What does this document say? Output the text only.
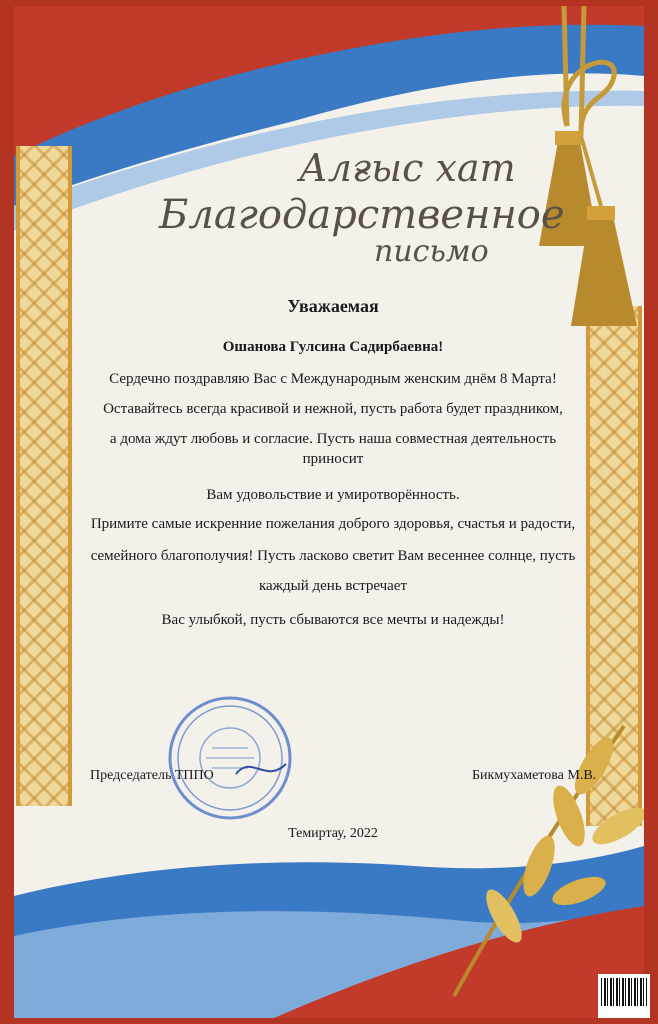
Алғыс хат
Благодарственное
письмо
Уважаемая
Ошанова Гулсина Садирбаевна!
Сердечно поздравляю Вас с Международным женским днём 8 Марта!
Оставайтесь всегда красивой и нежной, пусть работа будет праздником,
а дома ждут любовь и согласие. Пусть наша совместная деятельность
приносит
Вам удовольствие и умиротворённость.
Примите самые искренние пожелания доброго здоровья, счастья и радости,
семейного благополучия! Пусть ласково светит Вам весеннее солнце, пусть
каждый день встречает
Вас улыбкой, пусть сбываются все мечты и надежды!
Председатель ТППО	Бикмухаметова М.В.
Темиртау, 2022
